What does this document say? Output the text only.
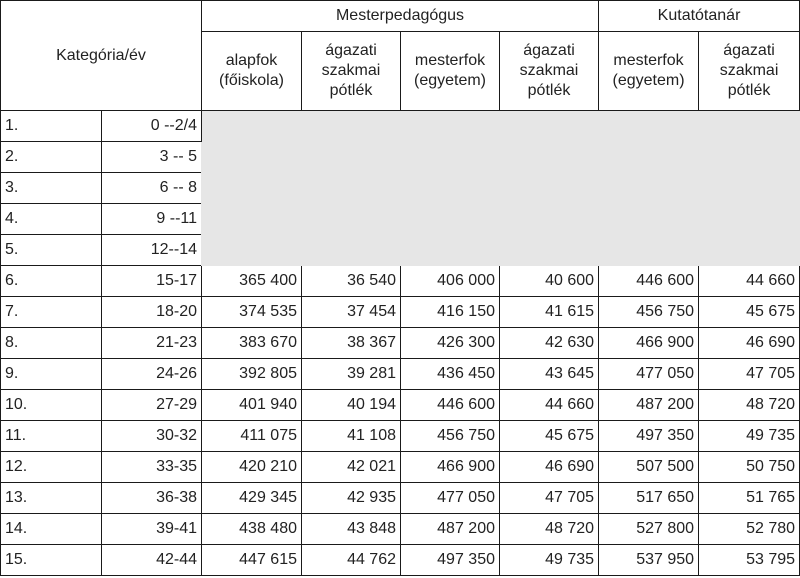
Kategória/év		Mesterpedagógus				Kutatótanár	
		alapfok (főiskola)	ágazati szakmai pótlék	mesterfok (egyetem)	ágazati szakmai pótlék	mesterfok (egyetem)	ágazati szakmai pótlék
1.	0 --2/4						
2.	3 -- 5						
3.	6 -- 8						
4.	9 --11						
5.	12--14						
6.	15-17	365 400	36 540	406 000	40 600	446 600	44 660
7.	18-20	374 535	37 454	416 150	41 615	456 750	45 675
8.	21-23	383 670	38 367	426 300	42 630	466 900	46 690
9.	24-26	392 805	39 281	436 450	43 645	477 050	47 705
10.	27-29	401 940	40 194	446 600	44 660	487 200	48 720
11.	30-32	411 075	41 108	456 750	45 675	497 350	49 735
12.	33-35	420 210	42 021	466 900	46 690	507 500	50 750
13.	36-38	429 345	42 935	477 050	47 705	517 650	51 765
14.	39-41	438 480	43 848	487 200	48 720	527 800	52 780
15.	42-44	447 615	44 762	497 350	49 735	537 950	53 795
